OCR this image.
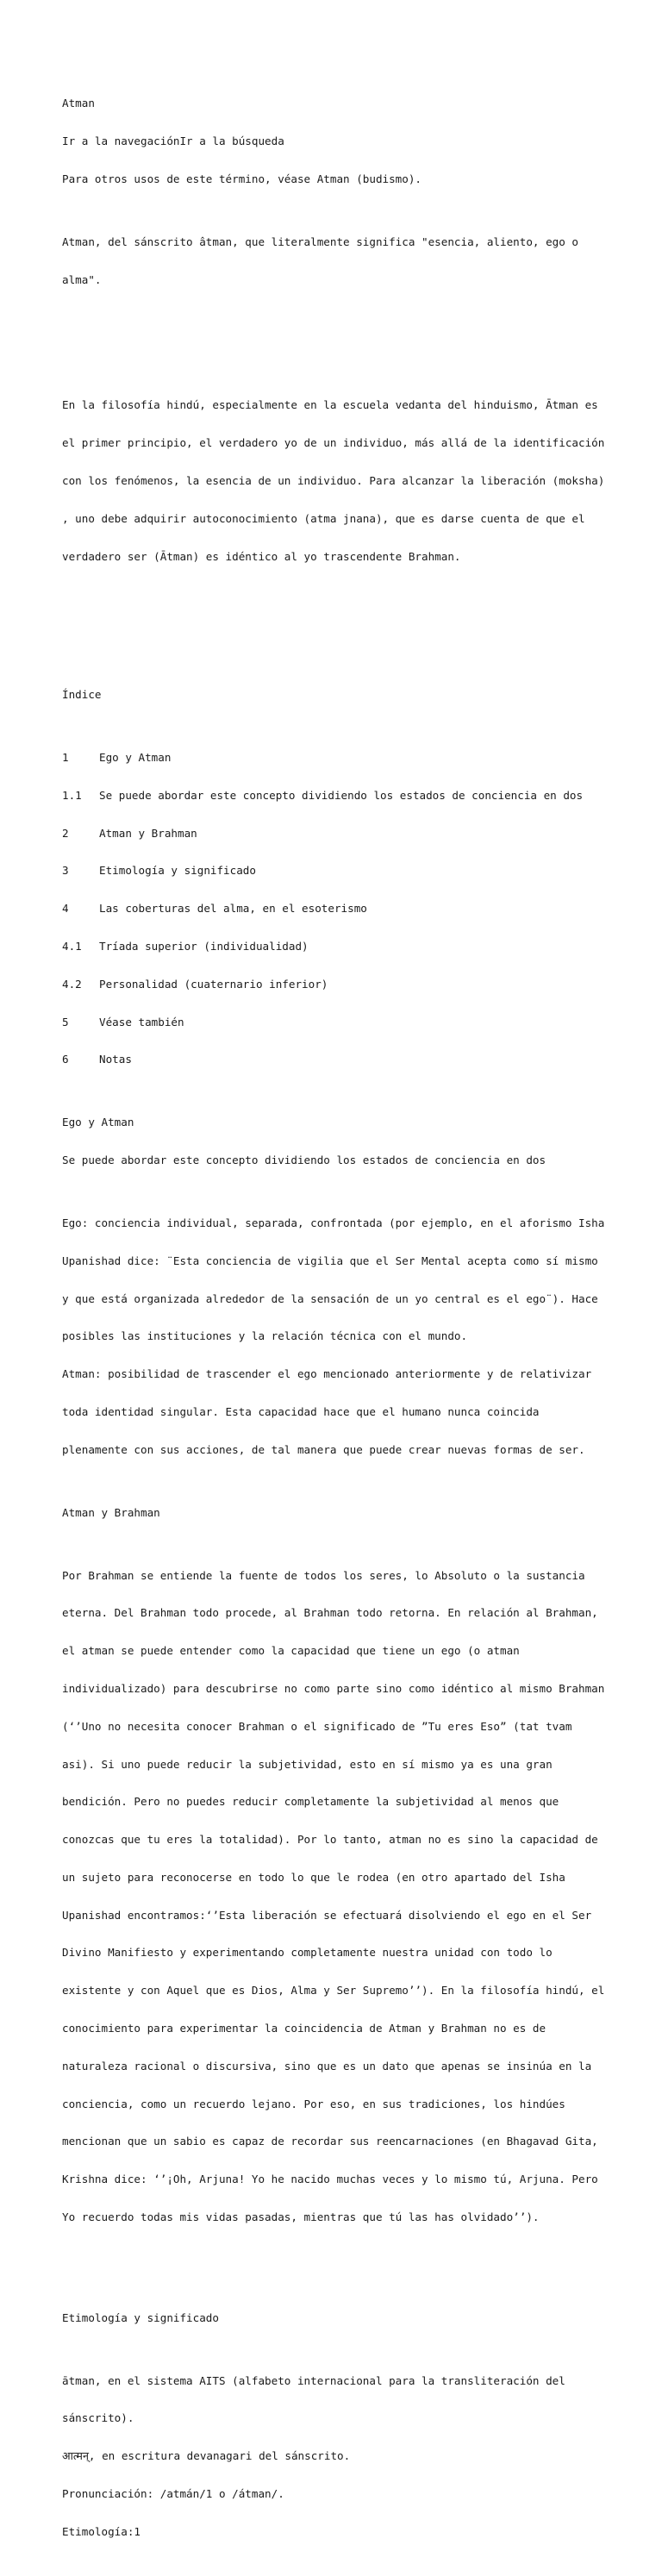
Atman

Ir a la navegaciónIr a la búsqueda

Para otros usos de este término, véase Atman (budismo).

Atman, del sánscrito âtman, que literalmente significa "esencia, aliento, ego o

alma".

En la filosofía hindú, especialmente en la escuela vedanta del hinduismo, Ātman es

el primer principio, el verdadero yo de un individuo, más allá de la identificación

con los fenómenos, la esencia de un individuo. Para alcanzar la liberación (moksha)

, uno debe adquirir autoconocimiento (atma jnana), que es darse cuenta de que el

verdadero ser (Ātman) es idéntico al yo trascendente Brahman.

Índice

1	Ego y Atman

1.1 Se puede abordar este concepto dividiendo los estados de conciencia en dos

2	Atman y Brahman

3	Etimología y significado

4	Las coberturas del alma, en el esoterismo

4.1 Tríada superior (individualidad)

4.2 Personalidad (cuaternario inferior)

5	Véase también

6	Notas

Ego y Atman

Se puede abordar este concepto dividiendo los estados de conciencia en dos

Ego: conciencia individual, separada, confrontada (por ejemplo, en el aforismo Isha

Upanishad dice: ¨Esta conciencia de vigilia que el Ser Mental acepta como sí mismo

y que está organizada alrededor de la sensación de un yo central es el ego¨). Hace

posibles las instituciones y la relación técnica con el mundo.

Atman: posibilidad de trascender el ego mencionado anteriormente y de relativizar

toda identidad singular. Esta capacidad hace que el humano nunca coincida

plenamente con sus acciones, de tal manera que puede crear nuevas formas de ser.

Atman y Brahman

Por Brahman se entiende la fuente de todos los seres, lo Absoluto o la sustancia

eterna. Del Brahman todo procede, al Brahman todo retorna. En relación al Brahman,

el atman se puede entender como la capacidad que tiene un ego (o atman

individualizado) para descubrirse no como parte sino como idéntico al mismo Brahman

(‘’Uno no necesita conocer Brahman o el significado de ”Tu eres Eso” (tat tvam

asi). Si uno puede reducir la subjetividad, esto en sí mismo ya es una gran

bendición. Pero no puedes reducir completamente la subjetividad al menos que

conozcas que tu eres la totalidad). Por lo tanto, atman no es sino la capacidad de

un sujeto para reconocerse en todo lo que le rodea (en otro apartado del Isha

Upanishad encontramos:‘’Esta liberación se efectuará disolviendo el ego en el Ser

Divino Manifiesto y experimentando completamente nuestra unidad con todo lo

existente y con Aquel que es Dios, Alma y Ser Supremo’’). En la filosofía hindú, el

conocimiento para experimentar la coincidencia de Atman y Brahman no es de

naturaleza racional o discursiva, sino que es un dato que apenas se insinúa en la

conciencia, como un recuerdo lejano. Por eso, en sus tradiciones, los hindúes

mencionan que un sabio es capaz de recordar sus reencarnaciones (en Bhagavad Gita,

Krishna dice: ‘’¡Oh, Arjuna! Yo he nacido muchas veces y lo mismo tú, Arjuna. Pero

Yo recuerdo todas mis vidas pasadas, mientras que tú las has olvidado’’).

Etimología y significado

ātman, en el sistema AITS (alfabeto internacional para la transliteración del

sánscrito).

आत्मन्, en escritura devanagari del sánscrito.

Pronunciación: /atmán/1 o /átman/.

Etimología:1
